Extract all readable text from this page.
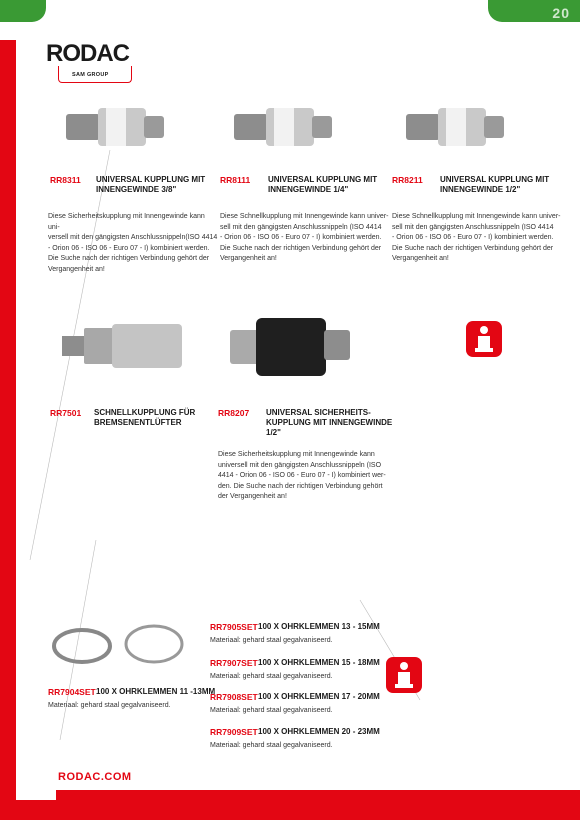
20
RODAC
SAM GROUP
RR8311 UNIVERSAL KUPPLUNG MIT
INNENGEWINDE 3/8"
Diese Sicherheitskupplung mit Innengewinde kann uni-
versell mit den gängigsten Anschlussnippeln(ISO 4414
- Orion 06 - ISO 06 - Euro 07 - I) kombiniert werden.
Die Suche nach der richtigen Verbindung gehört der
Vergangenheit an!
RR8111 UNIVERSAL KUPPLUNG MIT
INNENGEWINDE 1/4"
Diese Schnellkupplung mit Innengewinde kann univer-
sell mit den gängigsten Anschlussnippeln (ISO 4414
- Orion 06 - ISO 06 - Euro 07 - I) kombiniert werden.
Die Suche nach der richtigen Verbindung gehört der
Vergangenheit an!
RR8211 UNIVERSAL KUPPLUNG MIT
INNENGEWINDE 1/2"
Diese Schnellkupplung mit Innengewinde kann univer-
sell mit den gängigsten Anschlussnippeln (ISO 4414
- Orion 06 - ISO 06 - Euro 07 - I) kombiniert werden.
Die Suche nach der richtigen Verbindung gehört der
Vergangenheit an!
RR7501 SCHNELLKUPPLUNG FÜR
BREMSENENTLÜFTER
RR8207 UNIVERSAL SICHERHEITS-
KUPPLUNG MIT INNENGEWINDE
1/2"
Diese Sicherheitskupplung mit Innengewinde kann
universell mit den gängigsten Anschlussnippeln (ISO
4414 - Orion 06 - ISO 06 - Euro 07 - I) kombiniert wer-
den. Die Suche nach der richtigen Verbindung gehört
der Vergangenheit an!
RR7904SET 100 X OHRKLEMMEN 11 -13MM
Materiaal: gehard staal gegalvaniseerd.
RR7905SET 100 X OHRKLEMMEN 13 - 15MM
Materiaal: gehard staal gegalvaniseerd.
RR7907SET 100 X OHRKLEMMEN 15 - 18MM
Materiaal: gehard staal gegalvaniseerd.
RR7908SET 100 X OHRKLEMMEN 17 - 20MM
Materiaal: gehard staal gegalvaniseerd.
RR7909SET 100 X OHRKLEMMEN 20 - 23MM
Materiaal: gehard staal gegalvaniseerd.
RODAC.COM
